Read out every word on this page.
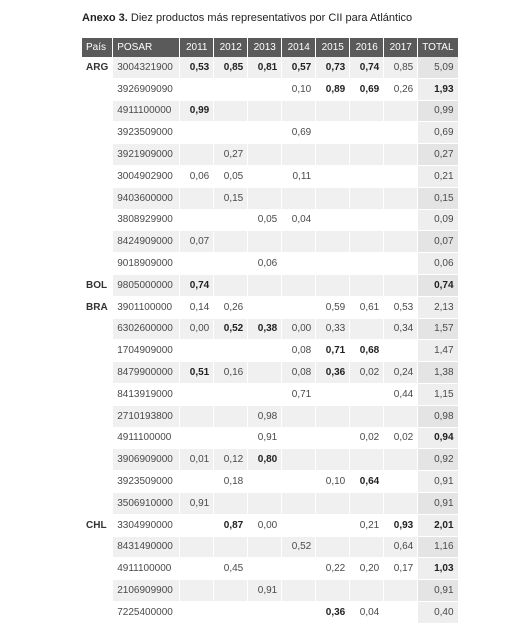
Anexo 3. Diez productos más representativos por CII para Atlántico
País	POSAR	2011	2012	2013	2014	2015	2016	2017	TOTAL
ARG	3004321900	0,53	0,85	0,81	0,57	0,73	0,74	0,85	5,09
	3926909090				0,10	0,89	0,69	0,26	1,93
	4911100000	0,99							0,99
	3923509000				0,69				0,69
	3921909000		0,27						0,27
	3004902900	0,06	0,05		0,11				0,21
	9403600000		0,15						0,15
	3808929900			0,05	0,04				0,09
	8424909000	0,07							0,07
	9018909000			0,06					0,06
BOL	9805000000	0,74							0,74
BRA	3901100000	0,14	0,26			0,59	0,61	0,53	2,13
	6302600000	0,00	0,52	0,38	0,00	0,33		0,34	1,57
	1704909000				0,08	0,71	0,68		1,47
	8479900000	0,51	0,16		0,08	0,36	0,02	0,24	1,38
	8413919000				0,71			0,44	1,15
	2710193800			0,98					0,98
	4911100000			0,91			0,02	0,02	0,94
	3906909000	0,01	0,12	0,80					0,92
	3923509000		0,18			0,10	0,64		0,91
	3506910000	0,91							0,91
CHL	3304990000		0,87	0,00			0,21	0,93	2,01
	8431490000				0,52			0,64	1,16
	4911100000		0,45			0,22	0,20	0,17	1,03
	2106909900			0,91					0,91
	7225400000					0,36	0,04		0,40
